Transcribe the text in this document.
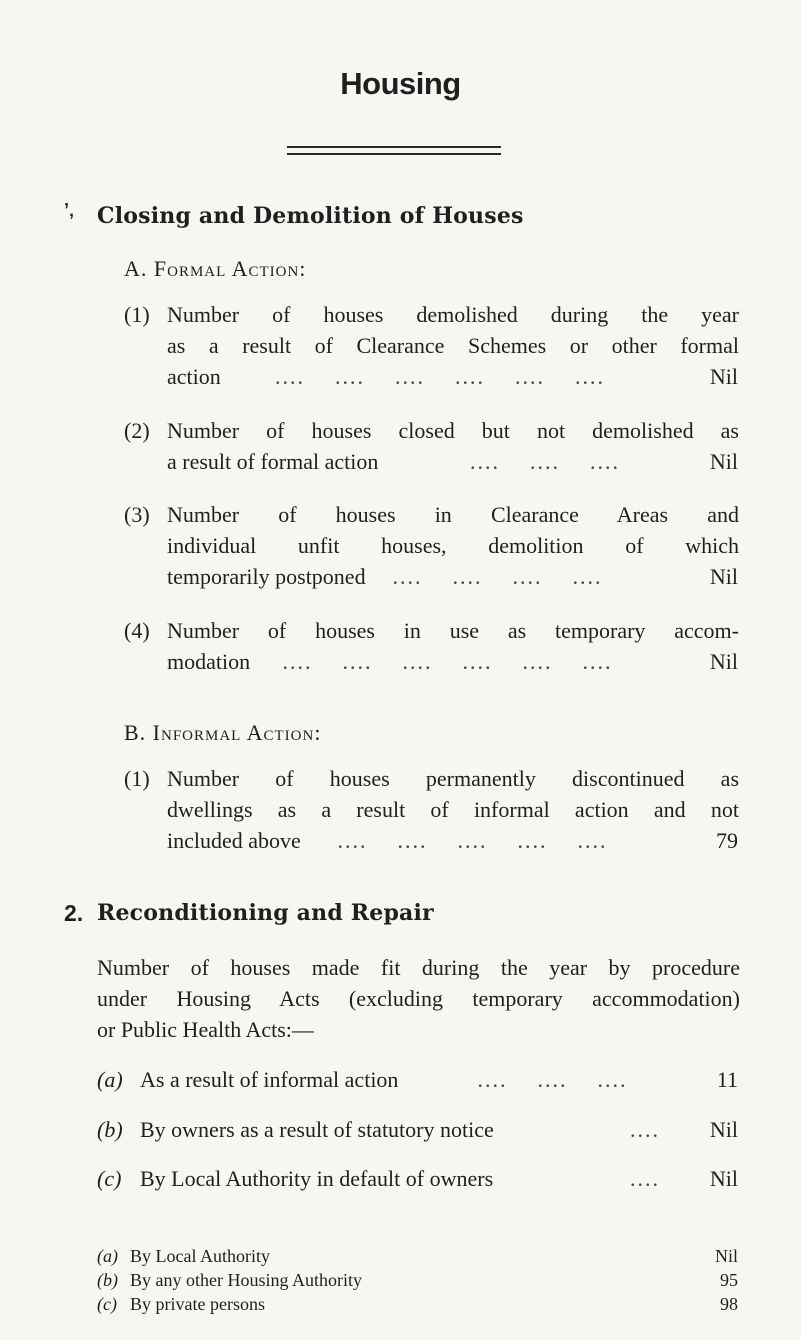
Housing
’‚ Closing and Demolition of Houses
A. Formal Action:
(1) Number of houses demolished during the year
as a result of Clearance Schemes or other formal
action ....    ....    ....    ....    ....    ....	Nil
(2) Number of houses closed but not demolished as
a result of formal action	....    ....    ....	Nil
(3) Number of houses in Clearance Areas and
individual unfit houses, demolition of which
temporarily postponed ....    ....    ....    ....	Nil
(4) Number of houses in use as temporary accom-
modation ....    ....    ....    ....    ....    ....	Nil
B. Informal Action:
(1) Number of houses permanently discontinued as
dwellings as a result of informal action and not
included above ....    ....    ....    ....    ....	79
2. Reconditioning and Repair
Number of houses made fit during the year by procedure
under Housing Acts (excluding temporary accommodation)
or Public Health Acts:—
(a) As a result of informal action	....    ....    ....	11
(b) By owners as a result of statutory notice	....	Nil
(c) By Local Authority in default of owners	....	Nil
(a) By Local Authority	Nil
(b) By any other Housing Authority	95
(c) By private persons	98
